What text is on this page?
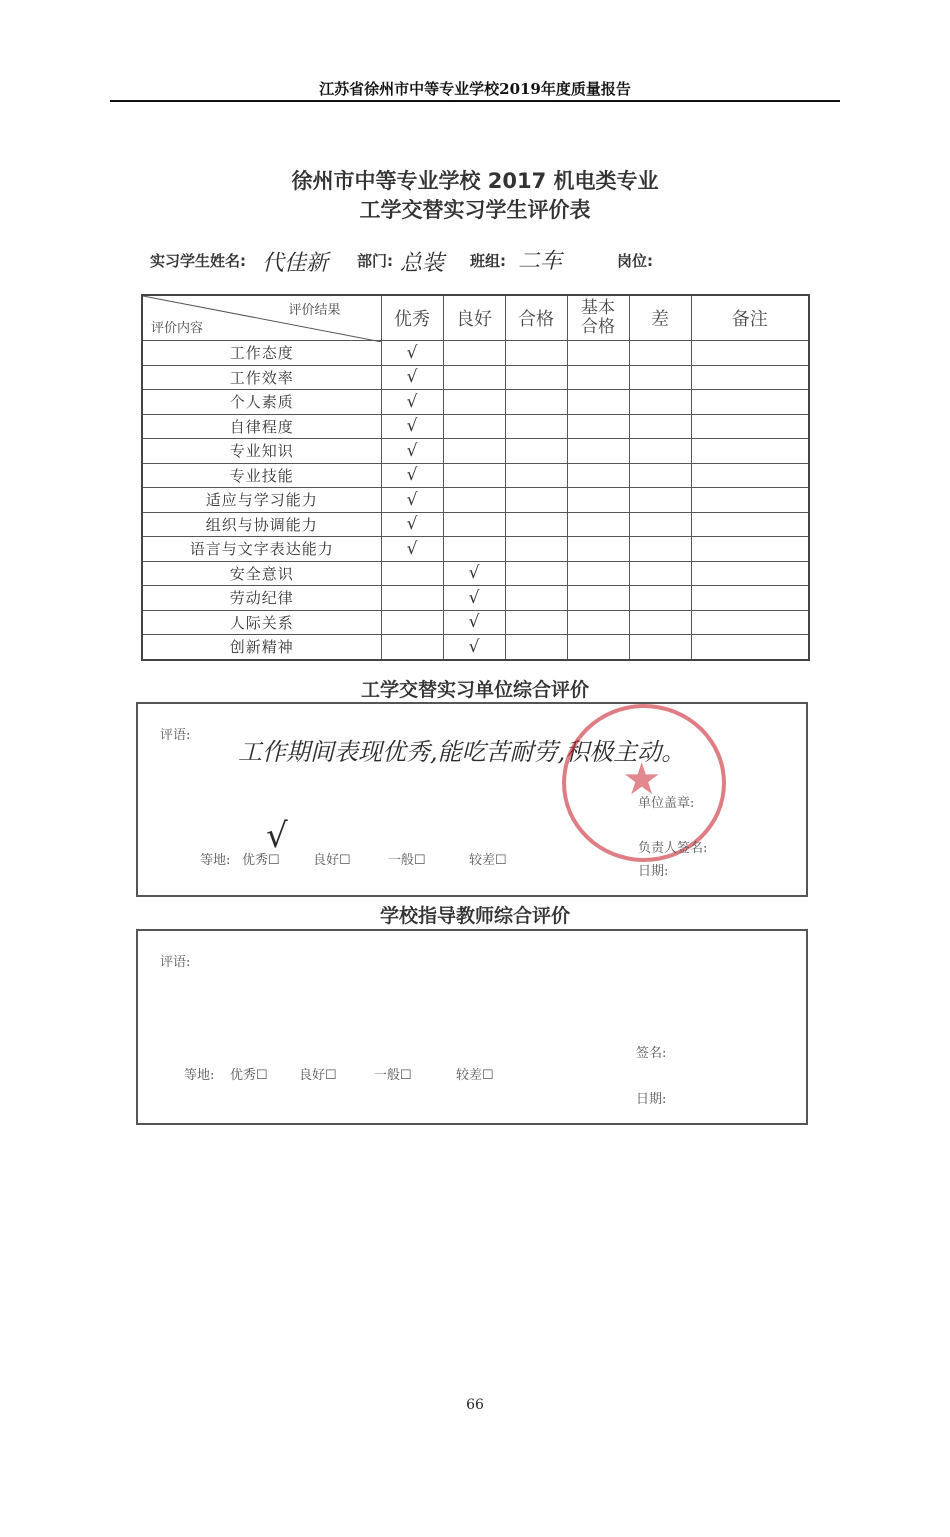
江苏省徐州市中等专业学校2019年度质量报告
徐州市中等专业学校 2017 机电类专业
工学交替实习学生评价表
实习学生姓名: 代佳新 部门: 总装 班组: 二车	岗位:
评价结果
评价内容	优秀	良好	合格	基本合格	差	备注
工作态度	√					
工作效率	√					
个人素质	√					
自律程度	√					
专业知识	√					
专业技能	√					
适应与学习能力	√					
组织与协调能力	√					
语言与文字表达能力	√					
安全意识		√				
劳动纪律		√				
人际关系		√				
创新精神		√				
工学交替实习单位综合评价
评语:
工作期间表现优秀,能吃苦耐劳,积极主动。
★
单位盖章:
负责人签名:
日期:
等地: 优秀☐
√
良好☐	一般☐	较差☐
学校指导教师综合评价
评语:
等地: 优秀☐ 良好☐	一般☐	较差☐
签名:
日期:
66
